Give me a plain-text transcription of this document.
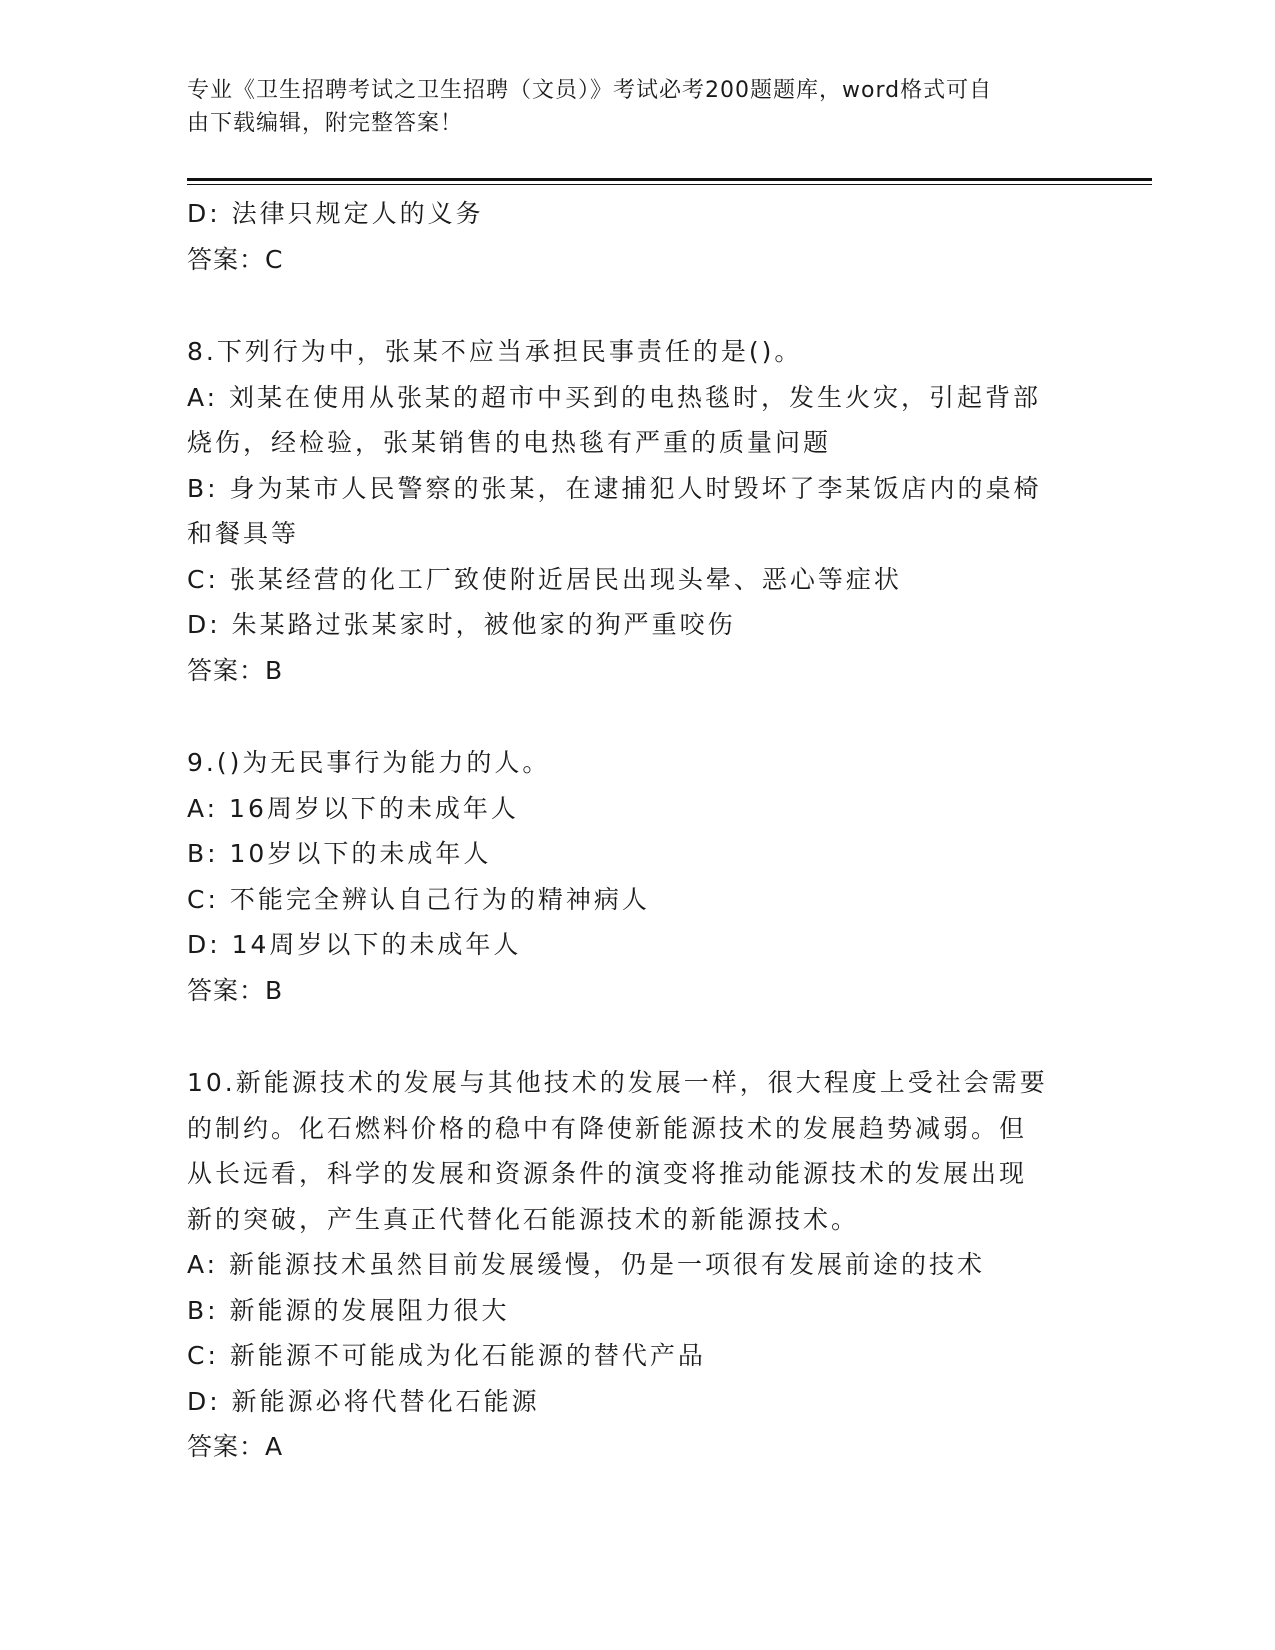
专业《卫生招聘考试之卫生招聘（文员）》考试必考200题题库，word格式可自
由下载编辑，附完整答案！
D: 法律只规定人的义务
答案：C
8.下列行为中，张某不应当承担民事责任的是()。
A: 刘某在使用从张某的超市中买到的电热毯时，发生火灾，引起背部
烧伤，经检验，张某销售的电热毯有严重的质量问题
B: 身为某市人民警察的张某，在逮捕犯人时毁坏了李某饭店内的桌椅
和餐具等
C: 张某经营的化工厂致使附近居民出现头晕、恶心等症状
D: 朱某路过张某家时，被他家的狗严重咬伤
答案：B
9.()为无民事行为能力的人。
A: 16周岁以下的未成年人
B: 10岁以下的未成年人
C: 不能完全辨认自己行为的精神病人
D: 14周岁以下的未成年人
答案：B
10.新能源技术的发展与其他技术的发展一样，很大程度上受社会需要
的制约。化石燃料价格的稳中有降使新能源技术的发展趋势减弱。但
从长远看，科学的发展和资源条件的演变将推动能源技术的发展出现
新的突破，产生真正代替化石能源技术的新能源技术。
A: 新能源技术虽然目前发展缓慢，仍是一项很有发展前途的技术
B: 新能源的发展阻力很大
C: 新能源不可能成为化石能源的替代产品
D: 新能源必将代替化石能源
答案：A
